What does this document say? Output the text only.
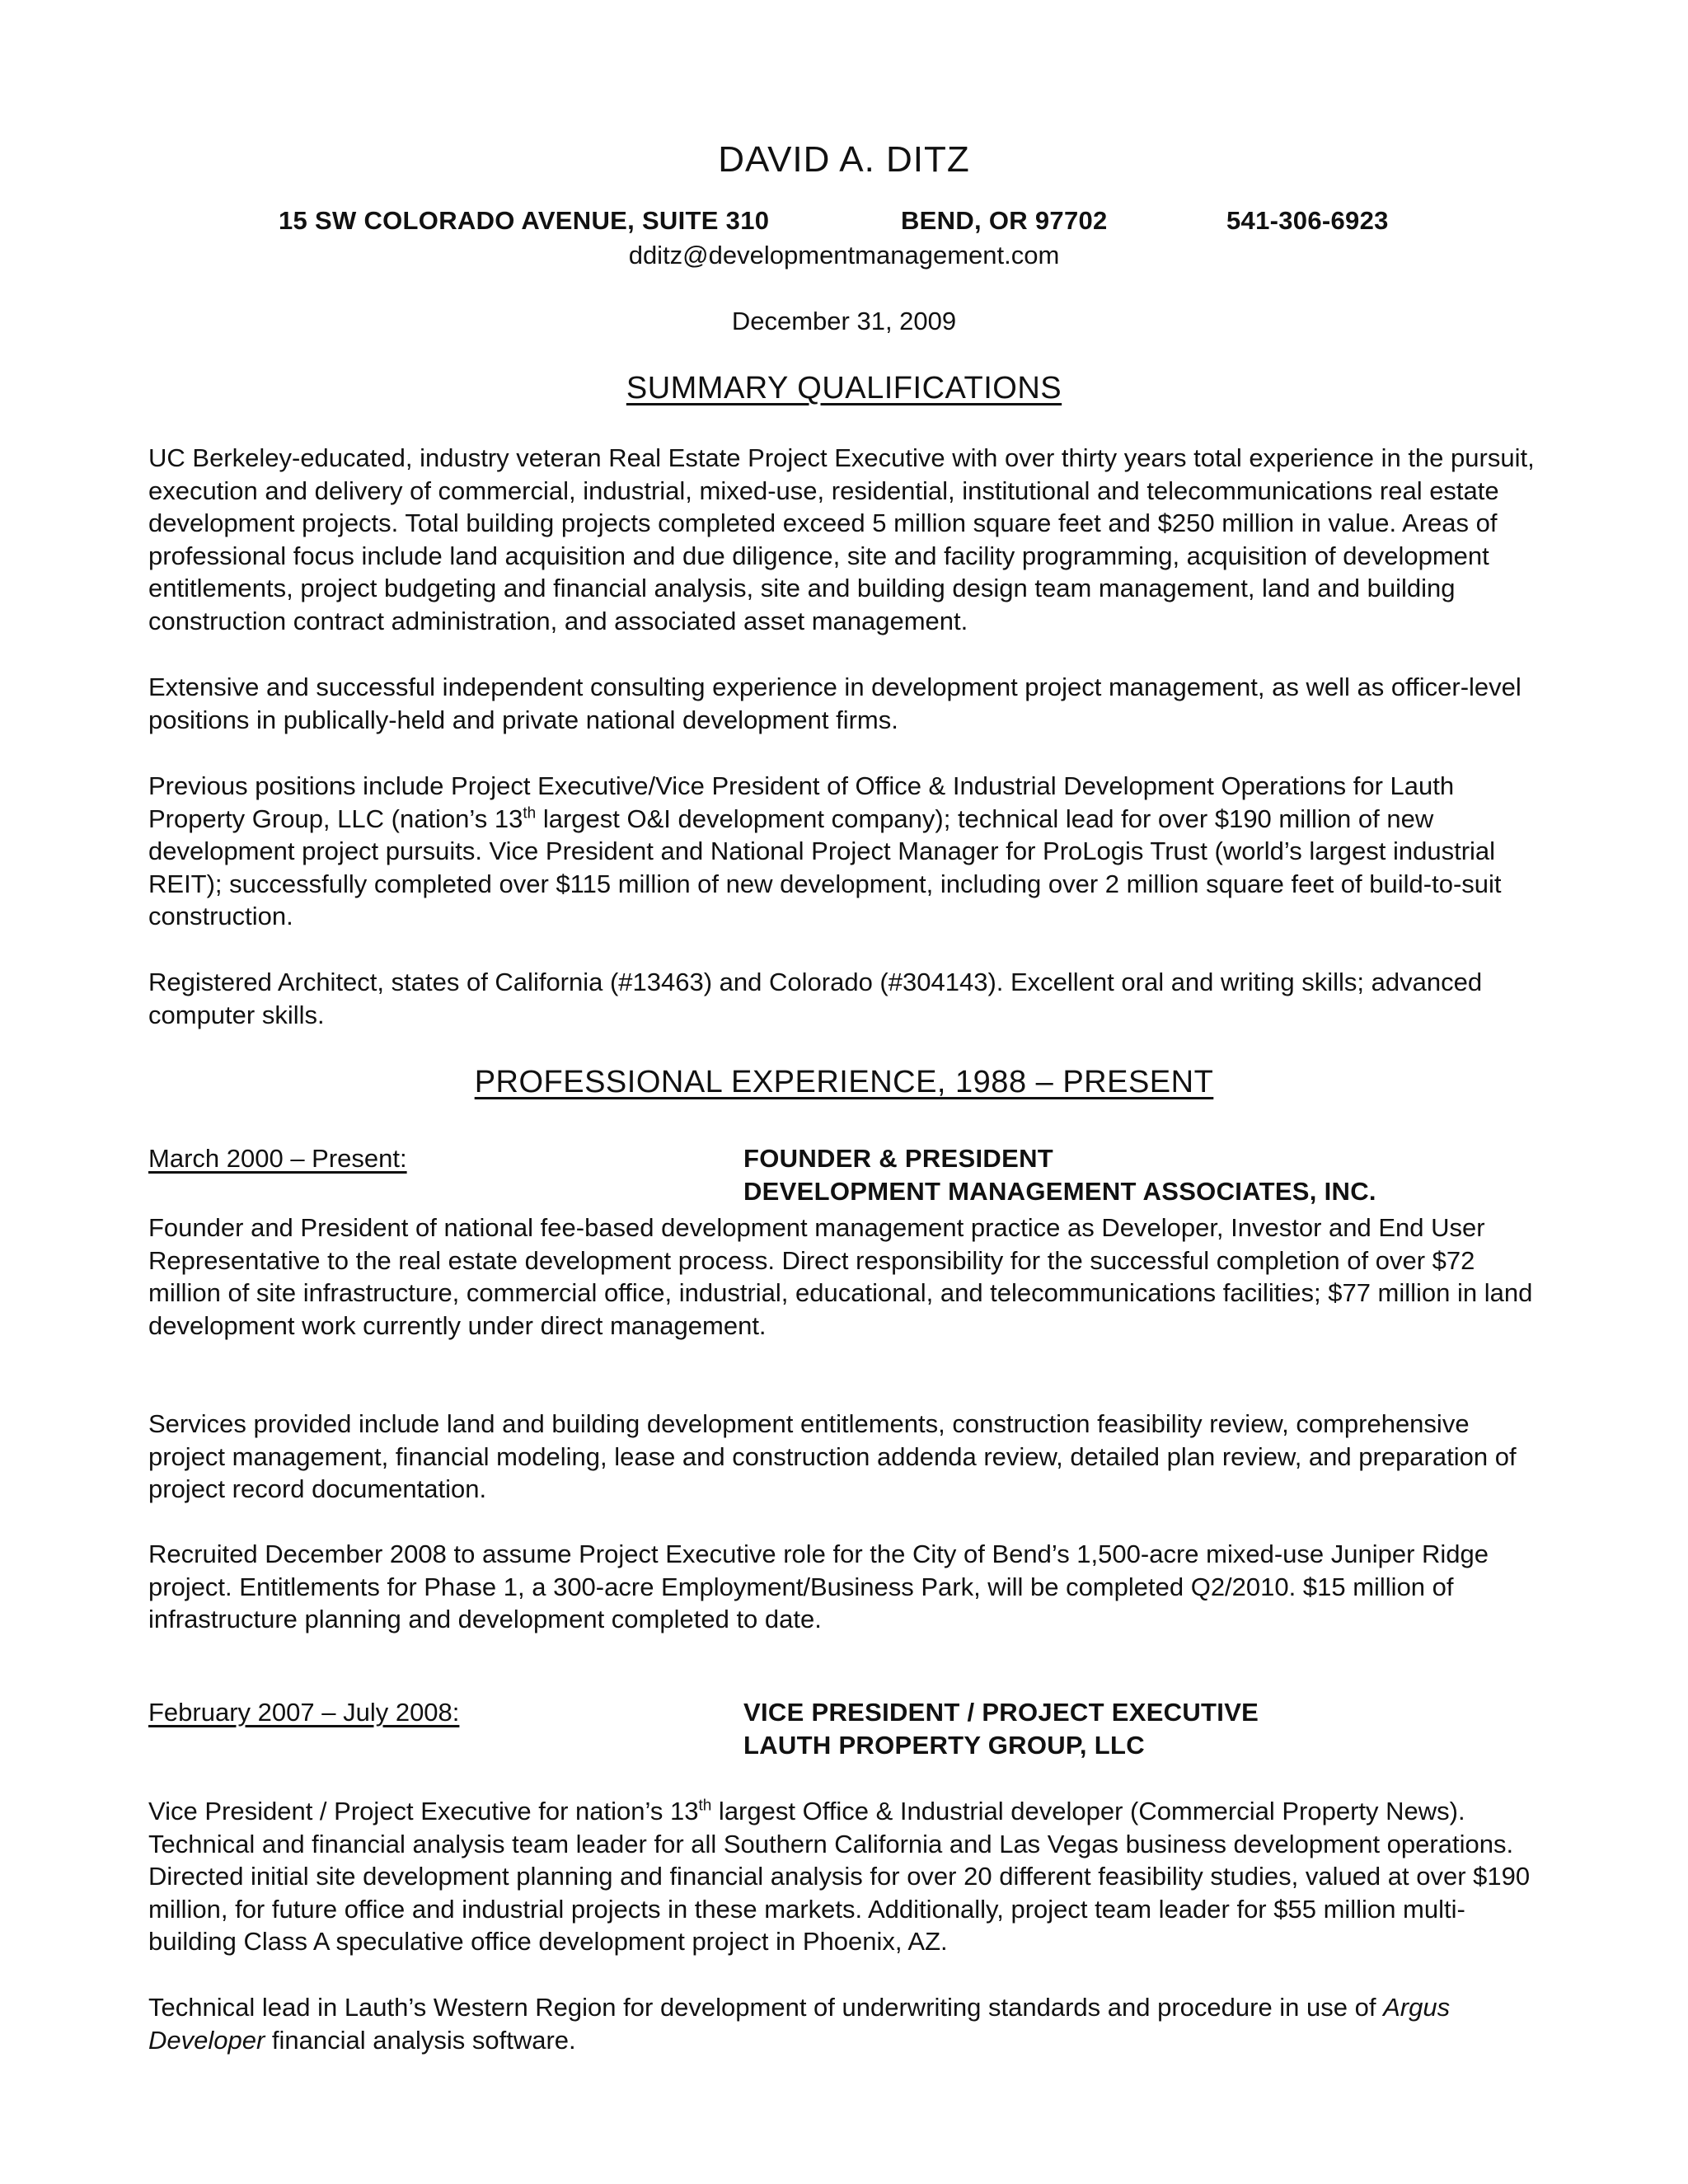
DAVID A. DITZ
15 SW COLORADO AVENUE, SUITE 310	BEND, OR 97702	541-306-6923
dditz@developmentmanagement.com
December 31, 2009
SUMMARY QUALIFICATIONS

UC Berkeley-educated, industry veteran Real Estate Project Executive with over thirty years total experience in the pursuit, execution and delivery of commercial, industrial, mixed-use, residential, institutional and telecommunications real estate development projects. Total building projects completed exceed 5 million square feet and $250 million in value. Areas of professional focus include land acquisition and due diligence, site and facility programming, acquisition of development entitlements, project budgeting and financial analysis, site and building design team management, land and building construction contract administration, and associated asset management.

Extensive and successful independent consulting experience in development project management, as well as officer-level positions in publically-held and private national development firms.

Previous positions include Project Executive/Vice President of Office & Industrial Development Operations for Lauth Property Group, LLC (nation’s 13th largest O&I development company); technical lead for over $190 million of new development project pursuits. Vice President and National Project Manager for ProLogis Trust (world’s largest industrial REIT); successfully completed over $115 million of new development, including over 2 million square feet of build-to-suit construction.

Registered Architect, states of California (#13463) and Colorado (#304143). Excellent oral and writing skills; advanced computer skills.

PROFESSIONAL EXPERIENCE, 1988 – PRESENT
March 2000 – Present:	FOUNDER & PRESIDENT
DEVELOPMENT MANAGEMENT ASSOCIATES, INC.

Founder and President of national fee-based development management practice as Developer, Investor and End User Representative to the real estate development process. Direct responsibility for the successful completion of over $72 million of site infrastructure, commercial office, industrial, educational, and telecommunications facilities; $77 million in land development work currently under direct management.

Services provided include land and building development entitlements, construction feasibility review, comprehensive project management, financial modeling, lease and construction addenda review, detailed plan review, and preparation of project record documentation.

Recruited December 2008 to assume Project Executive role for the City of Bend’s 1,500-acre mixed-use Juniper Ridge project. Entitlements for Phase 1, a 300-acre Employment/Business Park, will be completed Q2/2010. $15 million of infrastructure planning and development completed to date.

February 2007 – July 2008:	VICE PRESIDENT / PROJECT EXECUTIVE
LAUTH PROPERTY GROUP, LLC

Vice President / Project Executive for nation’s 13th largest Office & Industrial developer (Commercial Property News). Technical and financial analysis team leader for all Southern California and Las Vegas business development operations. Directed initial site development planning and financial analysis for over 20 different feasibility studies, valued at over $190 million, for future office and industrial projects in these markets. Additionally, project team leader for $55 million multi-building Class A speculative office development project in Phoenix, AZ.

Technical lead in Lauth’s Western Region for development of underwriting standards and procedure in use of Argus Developer financial analysis software.
